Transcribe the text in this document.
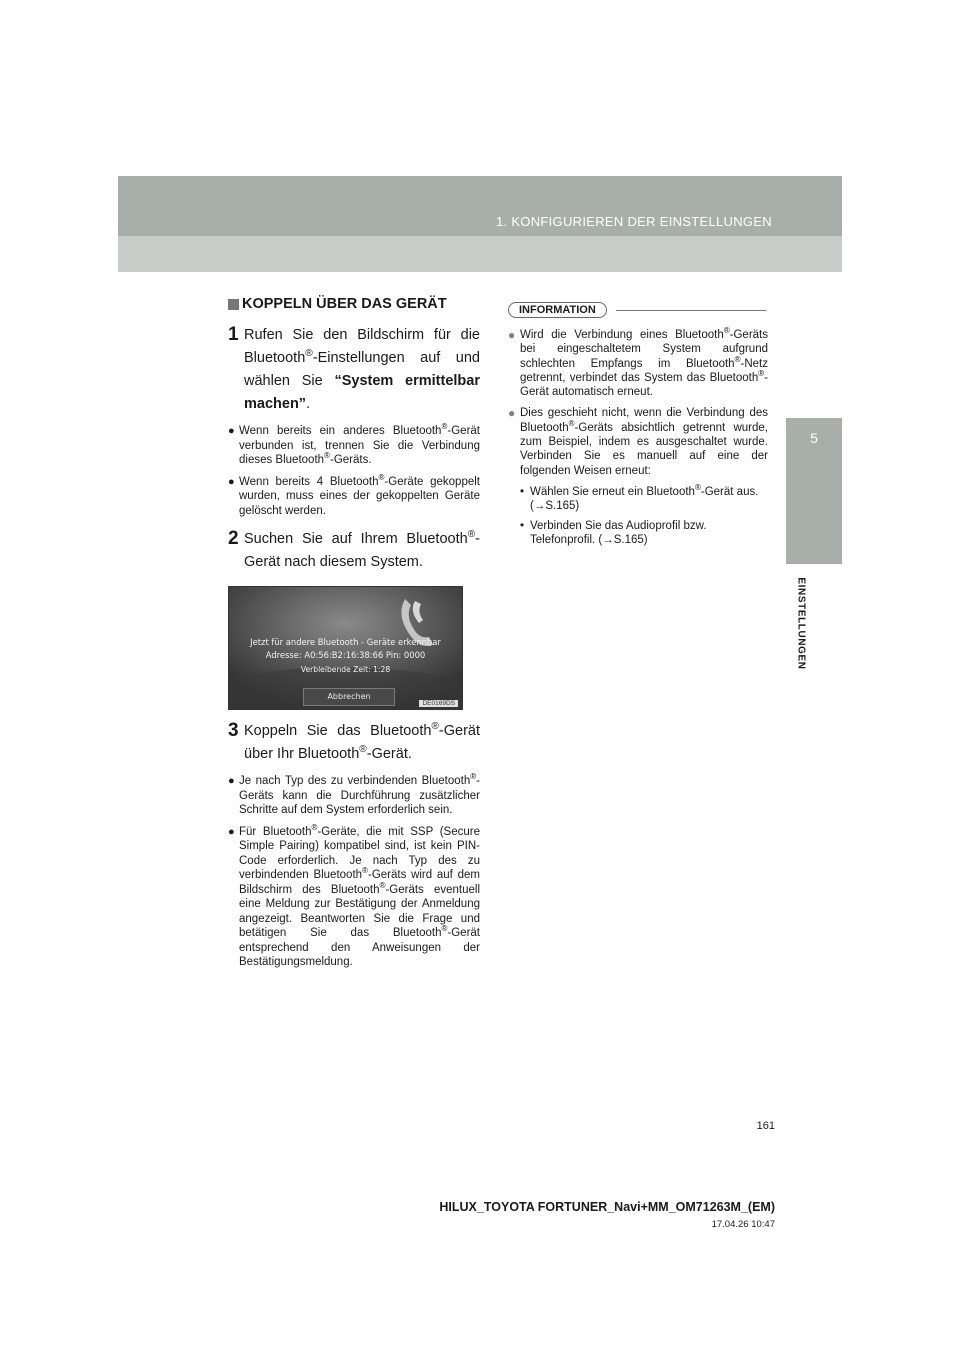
1. KONFIGURIEREN DER EINSTELLUNGEN
5
EINSTELLUNGEN
KOPPELN ÜBER DAS GERÄT
1 Rufen Sie den Bildschirm für die Bluetooth®-Einstellungen auf und wählen Sie “System ermittelbar machen”.
● Wenn bereits ein anderes Bluetooth®-Gerät verbunden ist, trennen Sie die Verbindung dieses Bluetooth®-Geräts.
● Wenn bereits 4 Bluetooth®-Geräte gekoppelt wurden, muss eines der gekoppelten Geräte gelöscht werden.
2 Suchen Sie auf Ihrem Bluetooth®-Gerät nach diesem System.
Jetzt für andere Bluetooth - Geräte erkennbar
Adresse: A0:56:B2:16:38:66 Pin: 0000
Verbleibende Zeit: 1:28
Abbrechen
DE0169DS
3 Koppeln Sie das Bluetooth®-Gerät über Ihr Bluetooth®-Gerät.
● Je nach Typ des zu verbindenden Bluetooth®-Geräts kann die Durchführung zusätzlicher Schritte auf dem System erforderlich sein.
● Für Bluetooth®-Geräte, die mit SSP (Secure Simple Pairing) kompatibel sind, ist kein PIN-Code erforderlich. Je nach Typ des zu verbindenden Bluetooth®-Geräts wird auf dem Bildschirm des Bluetooth®-Geräts eventuell eine Meldung zur Bestätigung der Anmeldung angezeigt. Beantworten Sie die Frage und betätigen Sie das Bluetooth®-Gerät entsprechend den Anweisungen der Bestätigungsmeldung.
INFORMATION
● Wird die Verbindung eines Bluetooth®-Geräts bei eingeschaltetem System aufgrund schlechten Empfangs im Bluetooth®-Netz getrennt, verbindet das System das Bluetooth®-Gerät automatisch erneut.
● Dies geschieht nicht, wenn die Verbindung des Bluetooth®-Geräts absichtlich getrennt wurde, zum Beispiel, indem es ausgeschaltet wurde. Verbinden Sie es manuell auf eine der folgenden Weisen erneut:
• Wählen Sie erneut ein Bluetooth®-Gerät aus. (→S.165)
• Verbinden Sie das Audioprofil bzw. Telefonprofil. (→S.165)
161
HILUX_TOYOTA FORTUNER_Navi+MM_OM71263M_(EM)
17.04.26 10:47
